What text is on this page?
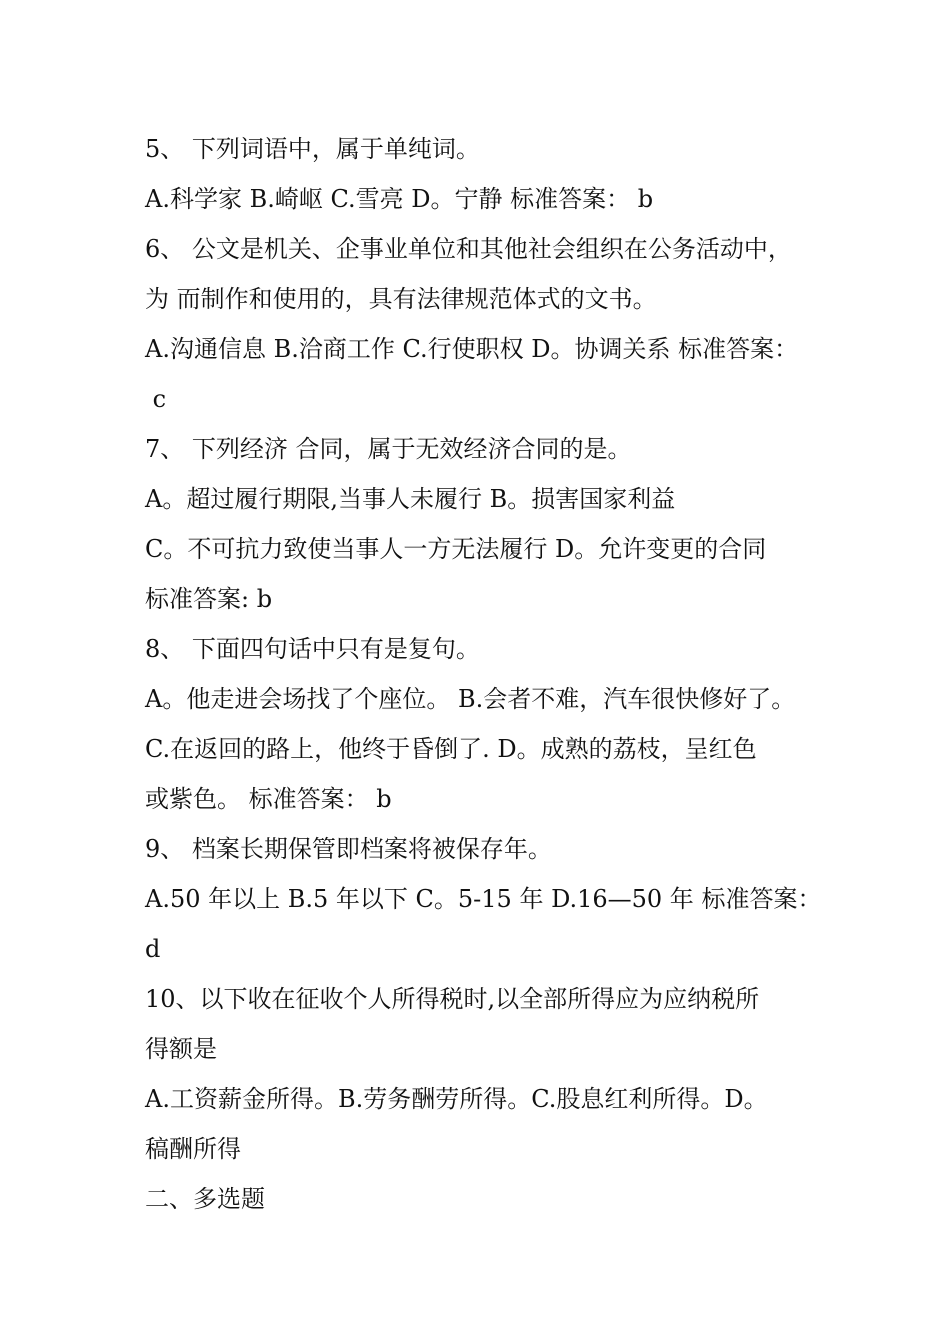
5、 下列词语中，属于单纯词。
A.科学家 B.崎岖 C.雪亮 D。宁静 标准答案： b
6、 公文是机关、企事业单位和其他社会组织在公务活动中，
为 而制作和使用的，具有法律规范体式的文书。
A.沟通信息 B.洽商工作 C.行使职权 D。协调关系 标准答案：
c
7、 下列经济 合同，属于无效经济合同的是。
A。超过履行期限,当事人未履行 B。损害国家利益
C。不可抗力致使当事人一方无法履行 D。允许变更的合同
标准答案: b
8、 下面四句话中只有是复句。
A。他走进会场找了个座位。 B.会者不难，汽车很快修好了。
C.在返回的路上，他终于昏倒了. D。成熟的荔枝，呈红色
或紫色。 标准答案： b
9、 档案长期保管即档案将被保存年。
A.50 年以上 B.5 年以下 C。5-15 年 D.16—50 年 标准答案：
d
10、以下收在征收个人所得税时,以全部所得应为应纳税所
得额是
A.工资薪金所得。B.劳务酬劳所得。C.股息红利所得。D。
稿酬所得
二、多选题
